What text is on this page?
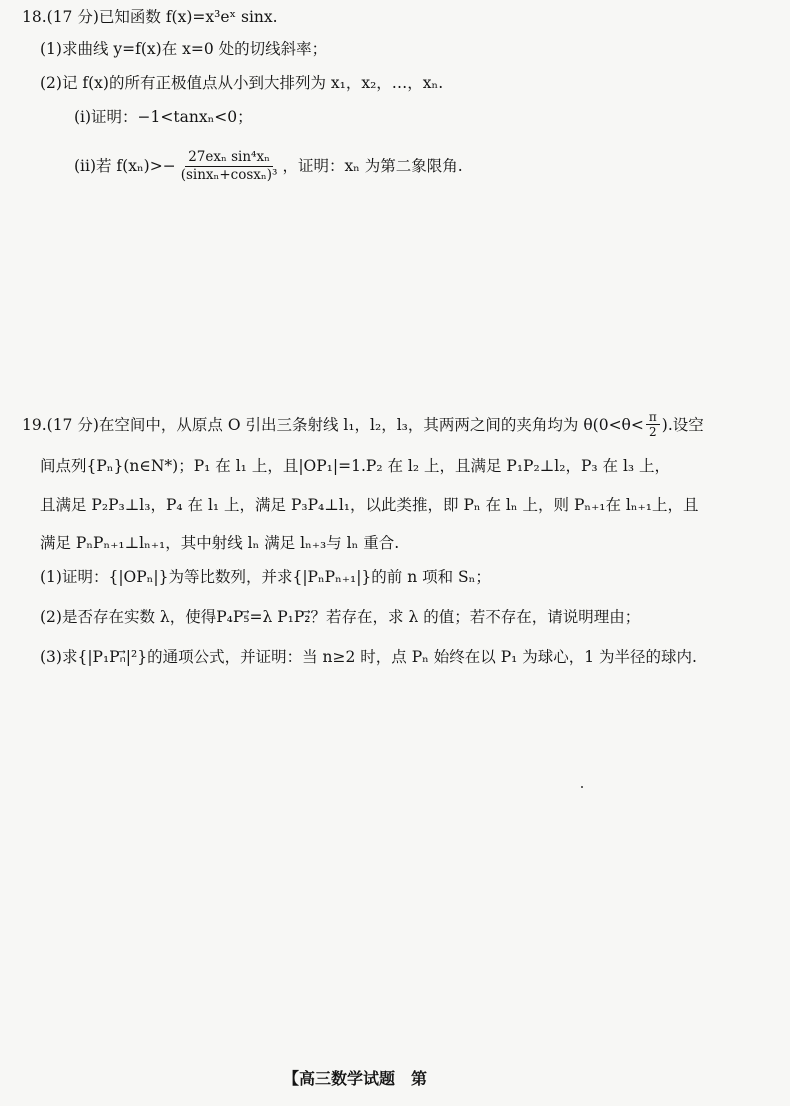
18.(17 分)已知函数 f(x)=x³eˣ sinx.
(1)求曲线 y=f(x)在 x=0 处的切线斜率；
(2)记 f(x)的所有正极值点从小到大排列为 x₁，x₂，…，xₙ.
(i)证明：−1<tanxₙ<0；
(ii)若 $f(x_n)>- \frac{\text{27exₙ sin⁴xₙ}}{\text{(sinxₙ+cosxₙ)³}}$ ，证明：xₙ 为第二象限角.
19.(17 分)在空间中，从原点 O 引出三条射线 l₁，l₂，l₃，其两两之间的夹角均为 $\theta(0<\theta< \frac{\pi}{2}$ ).设空
间点列{Pₙ}(n∈N*)；P₁ 在 l₁ 上，且|OP₁|=1.P₂ 在 l₂ 上，且满足 P₁P₂⊥l₂，P₃ 在 l₃ 上，
且满足 P₂P₃⊥l₃，P₄ 在 l₁ 上，满足 P₃P₄⊥l₁，以此类推，即 Pₙ 在 lₙ 上，则 Pₙ₊₁在 lₙ₊₁上，且
满足 PₙPₙ₊₁⊥lₙ₊₁，其中射线 lₙ 满足 lₙ₊₃与 lₙ 重合.
(1)证明：{|OPₙ|}为等比数列，并求{|PₙPₙ₊₁|}的前 n 项和 Sₙ；
(2)是否存在实数 λ，使得P₄P₅⃗=λ P₁P₂⃗？若存在，求 λ 的值；若不存在，请说明理由；
(3)求{|P₁Pₙ⃗|²}的通项公式，并证明：当 n≥2 时，点 Pₙ 始终在以 P₁ 为球心，1 为半径的球内.
【高三数学试题　第
